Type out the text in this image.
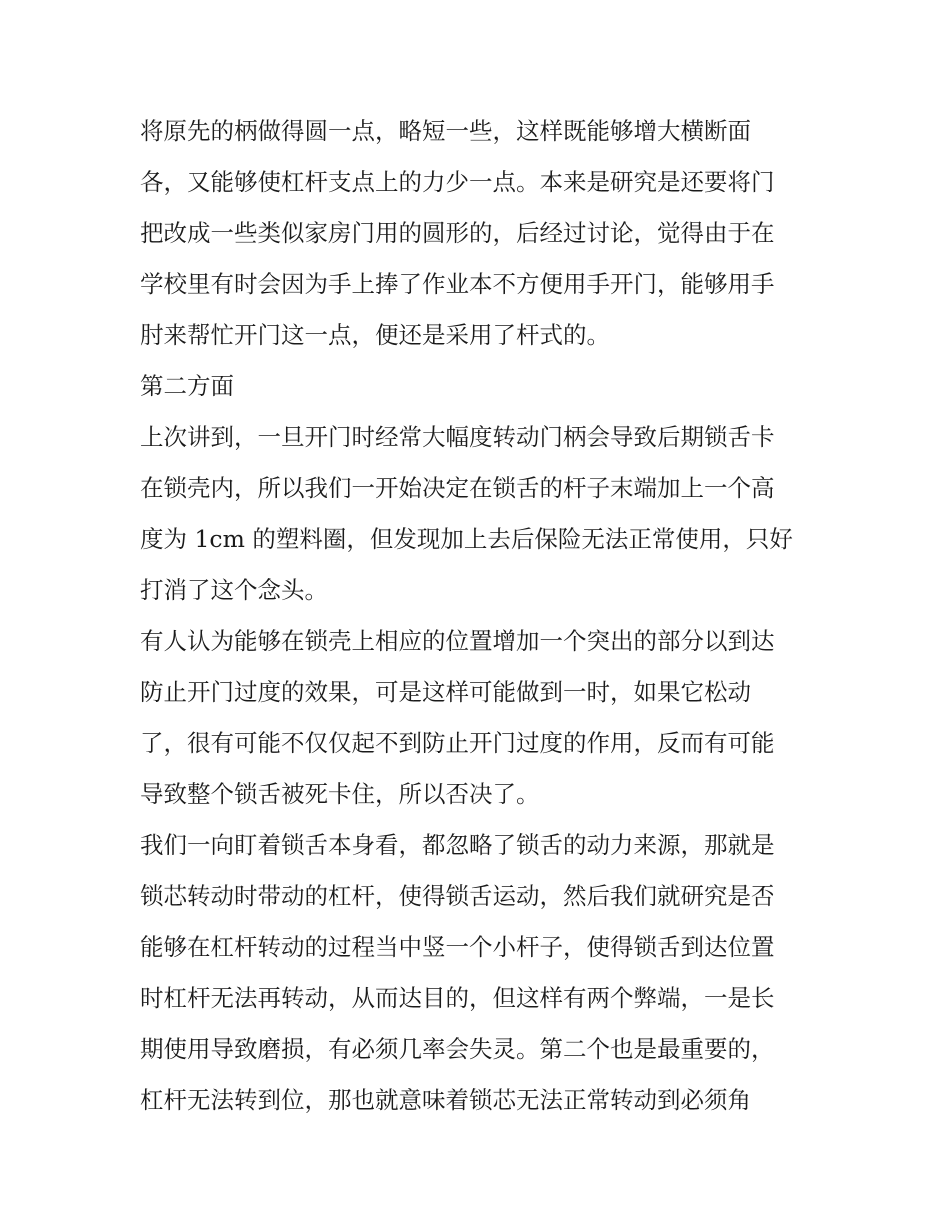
将原先的柄做得圆一点，略短一些，这样既能够增大横断面
各，又能够使杠杆支点上的力少一点。本来是研究是还要将门
把改成一些类似家房门用的圆形的，后经过讨论，觉得由于在
学校里有时会因为手上捧了作业本不方便用手开门，能够用手
肘来帮忙开门这一点，便还是采用了杆式的。
第二方面
上次讲到，一旦开门时经常大幅度转动门柄会导致后期锁舌卡
在锁壳内，所以我们一开始决定在锁舌的杆子末端加上一个高
度为 1cm 的塑料圈，但发现加上去后保险无法正常使用，只好
打消了这个念头。
有人认为能够在锁壳上相应的位置增加一个突出的部分以到达
防止开门过度的效果，可是这样可能做到一时，如果它松动
了，很有可能不仅仅起不到防止开门过度的作用，反而有可能
导致整个锁舌被死卡住，所以否决了。
我们一向盯着锁舌本身看，都忽略了锁舌的动力来源，那就是
锁芯转动时带动的杠杆，使得锁舌运动，然后我们就研究是否
能够在杠杆转动的过程当中竖一个小杆子，使得锁舌到达位置
时杠杆无法再转动，从而达目的，但这样有两个弊端，一是长
期使用导致磨损，有必须几率会失灵。第二个也是最重要的，
杠杆无法转到位，那也就意味着锁芯无法正常转动到必须角
